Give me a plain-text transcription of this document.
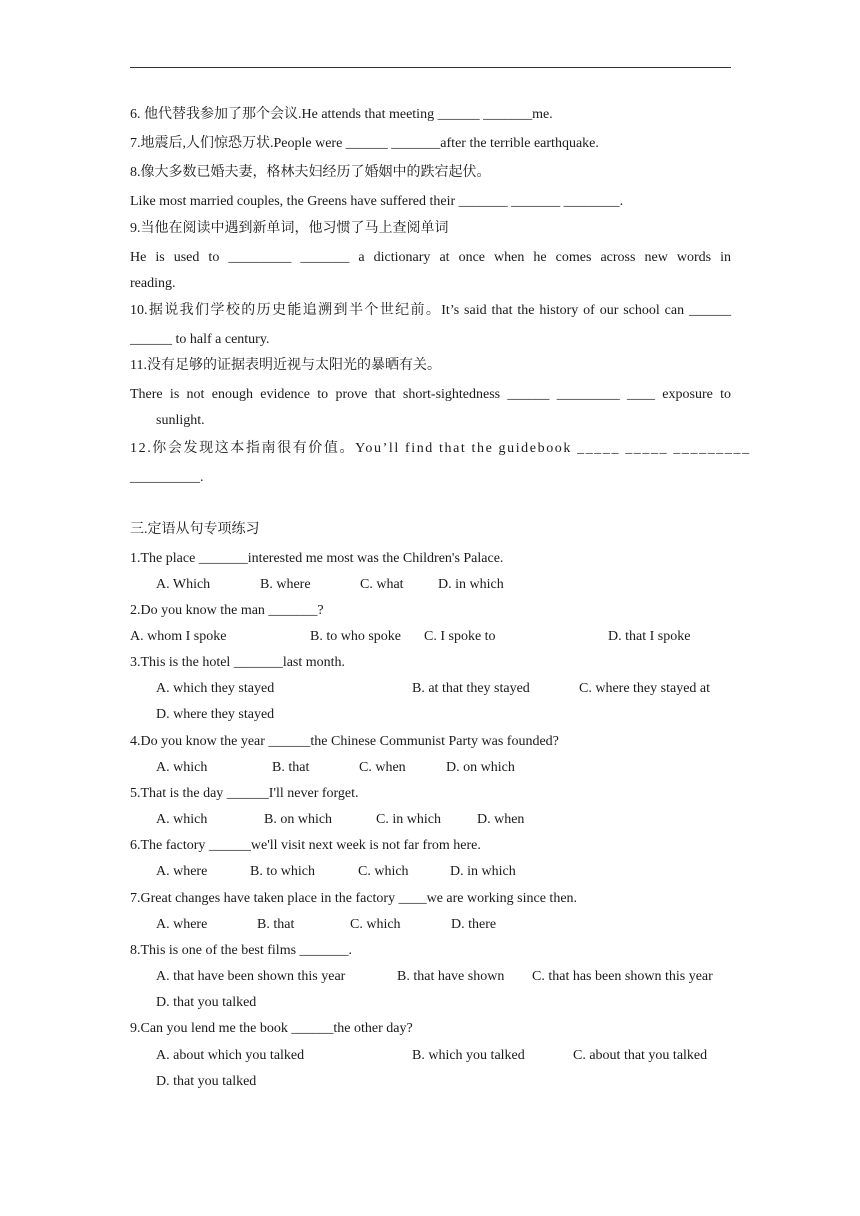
6. 他代替我参加了那个会议.He attends that meeting ______ _______me.
7.地震后,人们惊恐万状.People were ______ _______after the terrible earthquake.
8.像大多数已婚夫妻，格林夫妇经历了婚姻中的跌宕起伏。
Like most married couples, the Greens have suffered their _______ _______ ________.
9.当他在阅读中遇到新单词，他习惯了马上查阅单词
He is used to _________ _______ a dictionary at once when he comes across new words in
reading.
10.据说我们学校的历史能追溯到半个世纪前。It’s said that the history of our school can ______
______ to half a century.
11.没有足够的证据表明近视与太阳光的暴晒有关。
There is not enough evidence to prove that short-sightedness ______ _________ ____ exposure to
sunlight.
12.你会发现这本指南很有价值。You’ll find that the guidebook _____ _____ _________
__________.
三.定语从句专项练习
1.The place _______interested me most was the Children's Palace.
A. Which	B. where	C. what D. in which
2.Do you know the man _______?
A. whom I spoke	B. to who spoke C. I spoke to	D. that I spoke
3.This is the hotel _______last month.
A. which they stayed	B. at that they stayed	C. where they stayed at
D. where they stayed
4.Do you know the year ______the Chinese Communist Party was founded?
A. which	B. that	C. when	D. on which
5.That is the day ______I'll never forget.
A. which	B. on which	C. in which	D. when
6.The factory ______we'll visit next week is not far from here.
A. where	B. to which	C. which	D. in which
7.Great changes have taken place in the factory ____we are working since then.
A. where	B. that	C. which	D. there
8.This is one of the best films _______.
A. that have been shown this year	B. that have shown C. that has been shown this year
D. that you talked
9.Can you lend me the book ______the other day?
A. about which you talked	B. which you talked	C. about that you talked
D. that you talked
